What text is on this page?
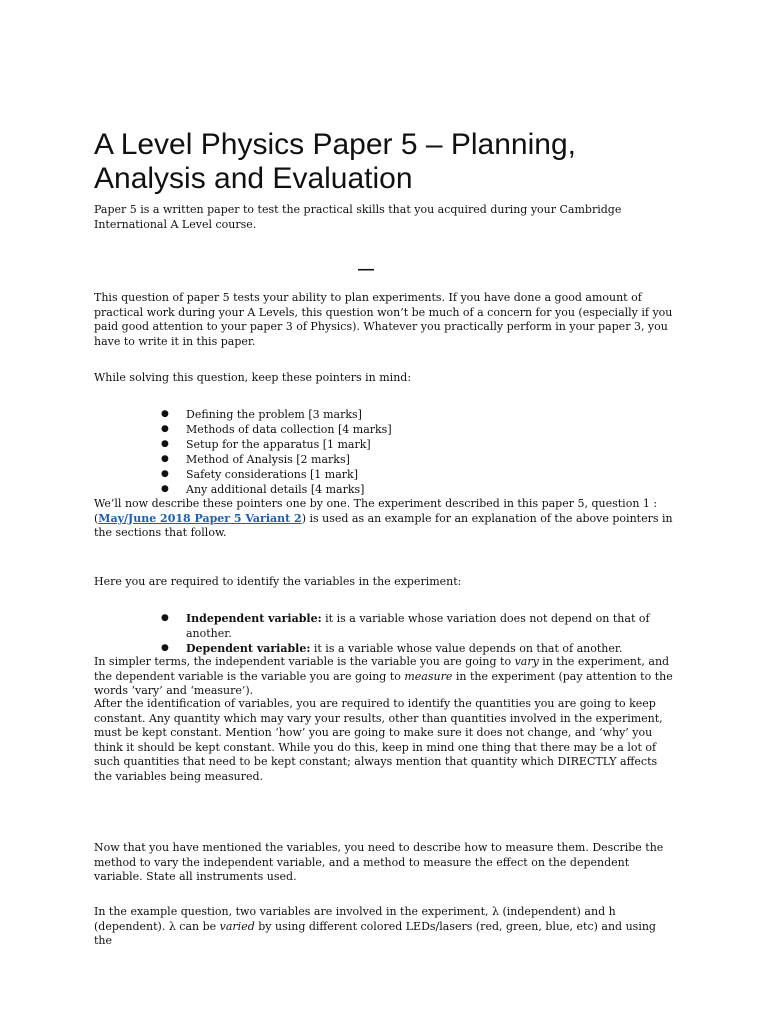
A Level Physics Paper 5 – Planning, Analysis and Evaluation

Paper 5 is a written paper to test the practical skills that you acquired during your Cambridge International A Level course.

—

This question of paper 5 tests your ability to plan experiments. If you have done a good amount of practical work during your A Levels, this question won’t be much of a concern for you (especially if you paid good attention to your paper 3 of Physics). Whatever you practically perform in your paper 3, you have to write it in this paper.

While solving this question, keep these pointers in mind:

● Defining the problem [3 marks]
● Methods of data collection [4 marks]
● Setup for the apparatus [1 mark]
● Method of Analysis [2 marks]
● Safety considerations [1 mark]
● Any additional details [4 marks]

We’ll now describe these pointers one by one. The experiment described in this paper 5, question 1 : (May/June 2018 Paper 5 Variant 2) is used as an example for an explanation of the above pointers in the sections that follow.

Here you are required to identify the variables in the experiment:

● Independent variable: it is a variable whose variation does not depend on that of another.
● Dependent variable: it is a variable whose value depends on that of another.

In simpler terms, the independent variable is the variable you are going to vary in the experiment, and the dependent variable is the variable you are going to measure in the experiment (pay attention to the words ‘vary’ and ‘measure’).

After the identification of variables, you are required to identify the quantities you are going to keep constant. Any quantity which may vary your results, other than quantities involved in the experiment, must be kept constant. Mention ‘how’ you are going to make sure it does not change, and ‘why’ you think it should be kept constant. While you do this, keep in mind one thing that there may be a lot of such quantities that need to be kept constant; always mention that quantity which DIRECTLY affects the variables being measured.

Now that you have mentioned the variables, you need to describe how to measure them. Describe the method to vary the independent variable, and a method to measure the effect on the dependent variable. State all instruments used.

In the example question, two variables are involved in the experiment, λ (independent) and h (dependent). λ can be varied by using different colored LEDs/lasers (red, green, blue, etc) and using the
